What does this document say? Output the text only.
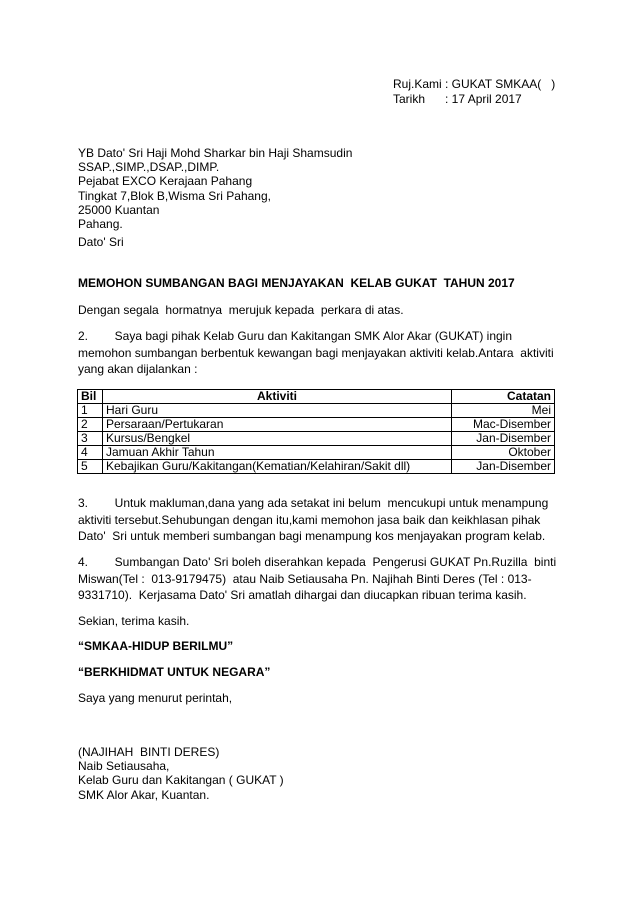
Ruj.Kami : GUKAT SMKAA(   )
Tarikh	: 17 April 2017
YB Dato' Sri Haji Mohd Sharkar bin Haji Shamsudin
SSAP.,SIMP.,DSAP.,DIMP.
Pejabat EXCO Kerajaan Pahang
Tingkat 7,Blok B,Wisma Sri Pahang,
25000 Kuantan
Pahang.
Dato' Sri
MEMOHON SUMBANGAN BAGI MENJAYAKAN  KELAB GUKAT  TAHUN 2017
Dengan segala  hormatnya  merujuk kepada  perkara di atas.
2.        Saya bagi pihak Kelab Guru dan Kakitangan SMK Alor Akar (GUKAT) ingin memohon sumbangan berbentuk kewangan bagi menjayakan aktiviti kelab.Antara  aktiviti yang akan dijalankan :
Bil	Aktiviti	Catatan
1	Hari Guru	Mei
2	Persaraan/Pertukaran	Mac-Disember
3	Kursus/Bengkel	Jan-Disember
4	Jamuan Akhir Tahun	Oktober
5	Kebajikan Guru/Kakitangan(Kematian/Kelahiran/Sakit dll)	Jan-Disember
3.        Untuk makluman,dana yang ada setakat ini belum  mencukupi untuk menampung aktiviti tersebut.Sehubungan dengan itu,kami memohon jasa baik dan keikhlasan pihak Dato'  Sri untuk memberi sumbangan bagi menampung kos menjayakan program kelab.
4.        Sumbangan Dato' Sri boleh diserahkan kepada  Pengerusi GUKAT Pn.Ruzilla  binti Miswan(Tel :  013-9179475)  atau Naib Setiausaha Pn. Najihah Binti Deres (Tel : 013-9331710).  Kerjasama Dato' Sri amatlah dihargai dan diucapkan ribuan terima kasih.
Sekian, terima kasih.
“SMKAA-HIDUP BERILMU”
“BERKHIDMAT UNTUK NEGARA”
Saya yang menurut perintah,
(NAJIHAH  BINTI DERES)
Naib Setiausaha,
Kelab Guru dan Kakitangan ( GUKAT )
SMK Alor Akar, Kuantan.
